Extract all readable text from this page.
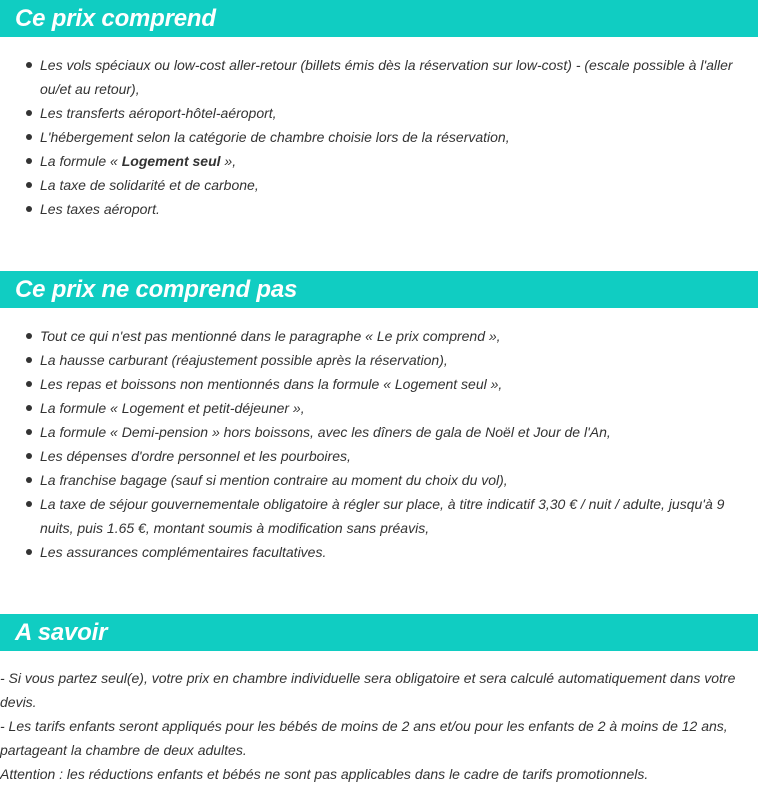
Ce prix comprend
Les vols spéciaux ou low-cost aller-retour (billets émis dès la réservation sur low-cost) - (escale possible à l'aller ou/et au retour),
Les transferts aéroport-hôtel-aéroport,
L'hébergement selon la catégorie de chambre choisie lors de la réservation,
La formule « Logement seul »,
La taxe de solidarité et de carbone,
Les taxes aéroport.
Ce prix ne comprend pas
Tout ce qui n'est pas mentionné dans le paragraphe « Le prix comprend »,
La hausse carburant (réajustement possible après la réservation),
Les repas et boissons non mentionnés dans la formule « Logement seul »,
La formule « Logement et petit-déjeuner »,
La formule « Demi-pension » hors boissons, avec les dîners de gala de Noël et Jour de l'An,
Les dépenses d'ordre personnel et les pourboires,
La franchise bagage (sauf si mention contraire au moment du choix du vol),
La taxe de séjour gouvernementale obligatoire à régler sur place, à titre indicatif 3,30 € / nuit / adulte, jusqu'à 9 nuits, puis 1.65 €, montant soumis à modification sans préavis,
Les assurances complémentaires facultatives.
A savoir

- Si vous partez seul(e), votre prix en chambre individuelle sera obligatoire et sera calculé automatiquement dans votre devis.

- Les tarifs enfants seront appliqués pour les bébés de moins de 2 ans et/ou pour les enfants de 2 à moins de 12 ans, partageant la chambre de deux adultes.

Attention : les réductions enfants et bébés ne sont pas applicables dans le cadre de tarifs promotionnels.
